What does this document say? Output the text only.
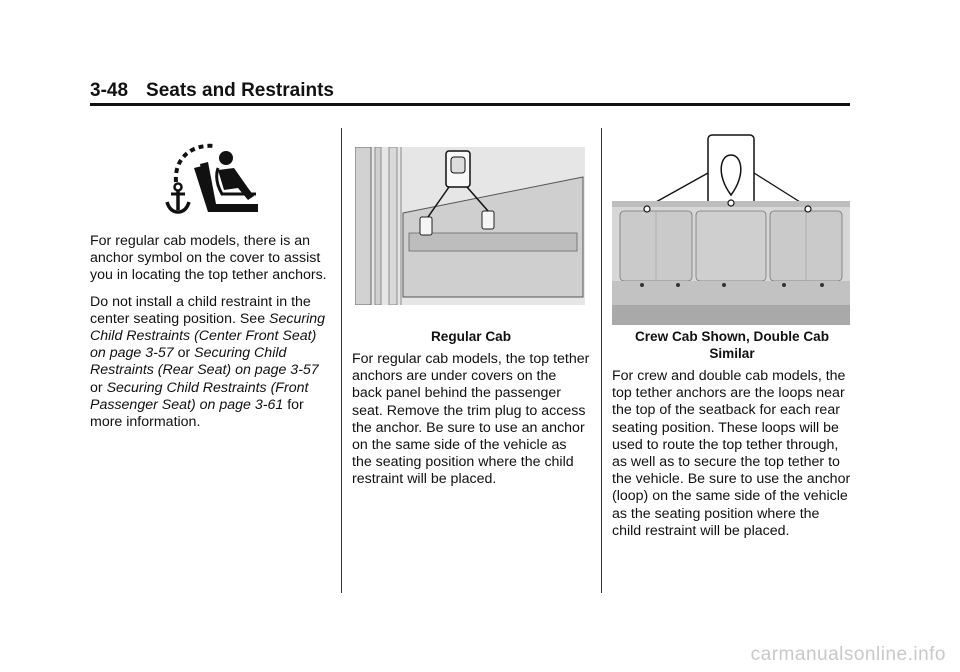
3-48 Seats and Restraints

For regular cab models, there is an anchor symbol on the cover to assist you in locating the top tether anchors.

Do not install a child restraint in the center seating position. See Securing Child Restraints (Center Front Seat) on page 3-57 or Securing Child Restraints (Rear Seat) on page 3-57 or Securing Child Restraints (Front Passenger Seat) on page 3-61 for more information.

Regular Cab

For regular cab models, the top tether anchors are under covers on the back panel behind the passenger seat. Remove the trim plug to access the anchor. Be sure to use an anchor on the same side of the vehicle as the seating position where the child restraint will be placed.

Crew Cab Shown, Double Cab Similar

For crew and double cab models, the top tether anchors are the loops near the top of the seatback for each rear seating position. These loops will be used to route the top tether through, as well as to secure the top tether to the vehicle. Be sure to use the anchor (loop) on the same side of the vehicle as the seating position where the child restraint will be placed.

carmanualsonline.info
